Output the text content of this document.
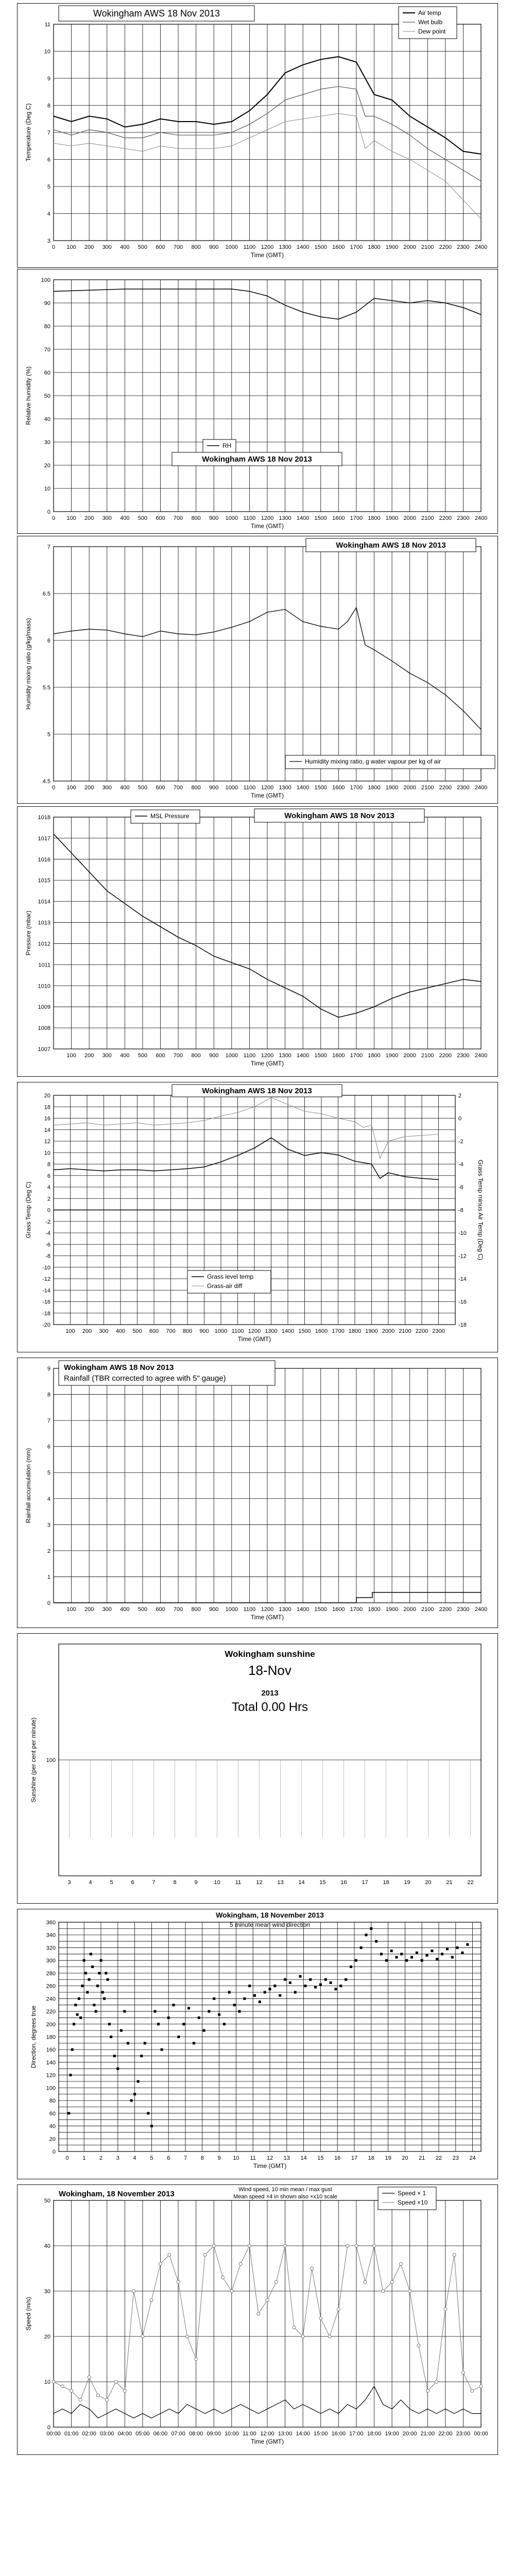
3
4
5
6
7
8
9
10
11
0 100 200 300 400 500 600 700 800 900 1000 1100 1200 1300 1400 1500 1600 1700 1800 1900 2000 2100 2200 2300 2400
Time (GMT)
Temperature (Deg C)
Wokingham AWS 18 Nov 2013	Air temp
Wet bulb
Dew point
0
10
20
30
40
50
60
70
80
90
100
0 100 200 300 400 500 600 700 800 900 1000 1100 1200 1300 1400 1500 1600 1700 1800 1900 2000 2100 2200 2300 2400
Time (GMT)
Relative humidity (%)
RH
Wokingham AWS 18 Nov 2013
4.5
5
5.5
6
6.5
7
0 100 200 300 400 500 600 700 800 900 1000 1100 1200 1300 1400 1500 1600 1700 1800 1900 2000 2100 2200 2300 2400
Time (GMT)
Humidity mixing ratio (g/kg/mass)
Wokingham AWS 18 Nov 2013
Humidity mixing ratio, g water vapour per kg of air
1007
1008
1009
1010
1011
1012
1013
1014
1015
1016
1017
1018
100 200 300 400 500 600 700 800 900 1000 1100 1200 1300 1400 1500 1600 1700 1800 1900 2000 2100 2200 2300 2400
Time (GMT)
Pressure (mbar)
MSL Pressure	Wokingham AWS 18 Nov 2013
-20
-18
-16
-14
-12
-10
-8
-6
-4
-2
0
2
4
6
8
10
12
14
16
18
20
100 200 300 400 500 600 700 800 900 1000 1100 1200 1300 1400 1500 1600 1700 1800 1900 2000 2100 2200 2300
-18
-16
-14
-12
-10
-8
-6
-4
-2
0
2
Grass Temp minus Air Temp (Deg C)
Time (GMT)
Grass Temp (Deg C)
Wokingham AWS 18 Nov 2013
Grass level temp
Grass-air diff
0
1
2
3
4
5
6
7
8
9
100 200 300 400 500 600 700 800 900 1000 1100 1200 1300 1400 1500 1600 1700 1800 1900 2000 2100 2200 2300 2400
Time (GMT)
Rainfall accumulation (mm)
Wokingham AWS 18 Nov 2013
Rainfall (TBR corrected to agree with 5" gauge)
100
3	4	5	6	7	8	9	10	11	12	13	14	15	16	17	18	19	20	21	22
Sunshine (per cent per minute)
Wokingham sunshine
18-Nov
2013
Total 0.00 Hrs
0
20
40
60
80
100
120
140
160
180
200
220
240
260
280
300
320
340
360
0 1 2 3 4 5 6 7 8 9 10 11 12 13 14 15 16 17 18 19 20 21 22 23 24
Time (GMT)
Direction, degrees true
Wokingham, 18 November 2013
5 minute mean wind direction
0
10
20
30
40
50
00:00 01:00 02:00 03:00 04:00 05:00 06:00 07:00 08:00 09:00 10:00 11:00 12:00 13:00 14:00 15:00 16:00 17:00 18:00 19:00 20:00 21:00 22:00 23:00 00:00
Time (GMT)
Speed (m/s)
Wokingham, 18 November 2013	Wind speed, 10 min mean / max gust
Mean speed ×4 in shown also ×x10 scale	Speed × 1
Speed ×10
